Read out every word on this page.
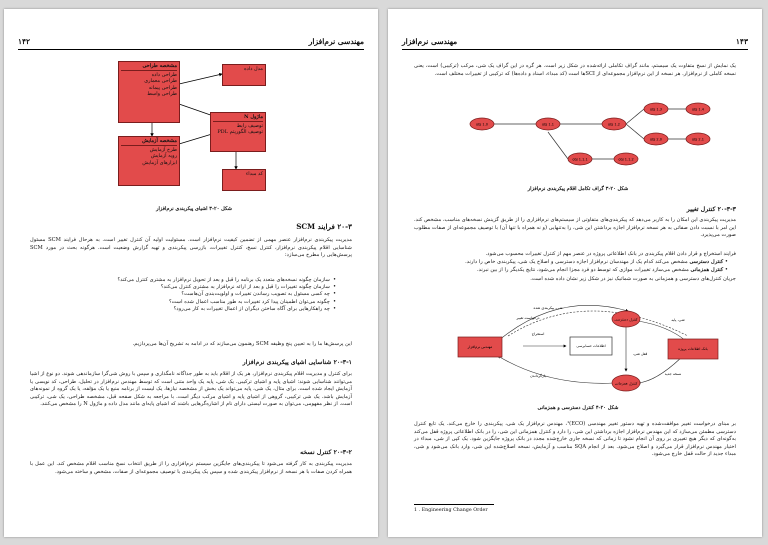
۱۴۲	مهندسی نرم‌افزار
مشخصه طراحی
طراحی داده
طراحی معماری
طراحی پیمانه
طراحی واسط
مشخصه آزمایش
طرح آزمایش
رویه آزمایش
ابزارهای آزمایش
مدل داده
ماژول N
توصیف رابط
توصیف الگوریتم PDL
کد مبداء
شکل ۲۰-۳ اشیای پیکربندی نرم‌افزار
۲۰-۳ فرایند SCM
مدیریت پیکربندی نرم‌افزار عنصر مهمی از تضمین کیفیت نرم‌افزار است. مسئولیت اولیه آن کنترل تغییر است. به هرحال فرایند SCM مسئول شناسایی اقلام پیکربندی نرم‌افزار، کنترل نسخ، کنترل تغییرات، بازرسی پیکربندی و تهیه گزارش وضعیت است. هرگونه بحث در مورد SCM پرسش‌هایی را مطرح می‌سازد:
• سازمان چگونه نسخه‌های متعدد یک برنامه را قبل و بعد از تحویل نرم‌افزار به مشتری کنترل می‌کند؟
• سازمان چگونه تغییرات را قبل و بعد از ارائه نرم‌افزار به مشتری کنترل می‌کند؟
• چه کسی مسئول به تصویب رساندن تغییرات و اولویت‌بندی آن‌هاست؟
• چگونه می‌توان اطمینان پیدا کرد تغییرات به طور مناسب اعمال شده است؟
• چه راهکارهایی برای آگاه ساختن دیگران از اعمال تغییرات به کار می‌رود؟
این پرسش‌ها ما را به تعیین پنج وظیفه SCM رهنمون می‌سازند که در ادامه به تشریح آن‌ها می‌پردازیم.
۲۰-۳-۱ شناسایی اشیای پیکربندی نرم‌افزار
برای کنترل و مدیریت اقلام پیکربندی نرم‌افزار، هر یک از اقلام باید به طور جداگانه نامگذاری و سپس با روش شی‌گرا سازماندهی شوند. دو نوع از اشیا می‌توانند شناسایی شوند: اشیای پایه و اشیای ترکیبی. یک شی، پایه یک واحد متنی است که توسط مهندس نرم‌افزار در تحلیل، طراحی، کد نویسی یا آزمایش ایجاد شده است. برای مثال، یک شی، پایه می‌تواند یک بخش از مشخصه نیازها، یک لیست از برنامه منبع یا یک مؤلفه، یا یک گروه از نمونه‌های آزمایش باشد. یک شی ترکیبی، گروهی از اشیای پایه و اشیای مرکب دیگر است. با مراجعه به شکل صفحه قبل، مشخصه طراحی، یک شی، ترکیبی است. از نظر مفهومی، می‌توان به صورت لیستی دارای نام از اشاره‌گرهایی باشند که اشیای پایه‌ای مانند مدل داده و ماژول N را مشخص می‌کنند.
۲۰-۳-۲ کنترل نسخه
مدیریت پیکربندی به کار گرفته می‌شود تا پیکربندی‌های جایگزین سیستم نرم‌افزاری را از طریق انتخاب نسخ مناسب اقلام مشخص کند. این عمل با همراه کردن صفات با هر نسخه از نرم‌افزار پیکربندی شده و سپس یک پیکربندی با توصیف مجموعه‌ای از صفات، مشخص و ساخته می‌شود.
مهندسی نرم‌افزار	۱۴۳
یک نمایش از نسخ متفاوت یک سیستم، مانند گراف تکاملی ارائه‌شده در شکل زیر است. هر گره در این گراف یک شی، مرکب (ترکیبی) است، یعنی نسخه کاملی از نرم‌افزار. هر نسخه از این نرم‌افزار مجموعه‌ای از SCIها است (کد مبداء، اسناد و داده‌ها) که ترکیبی از تغییرات مختلف است.
obj 1.0	obj 1.1	obj 1.2
obj 1.3	obj 1.4
obj 2.0	obj 2.1
obj 1.1.1	obj 1.1.2
شکل ۲۰-۳ گراف تکامل اقلام پیکربندی نرم‌افزار
۲۰-۳-۳ کنترل تغییر
مدیریت پیکربندی این امکان را به کاربر می‌دهد که پیکربندی‌های متفاوتی از سیستم‌های نرم‌افزاری را از طریق گزینش نسخه‌های مناسب، مشخص کند. این امر با نسبت دادن صفاتی به هر نسخه نرم‌افزار اجازه برداشتن این شی، را به‌تنهایی (و نه همراه با تنها آن) با توصیف مجموعه‌ای از صفات مطلوب صورت می‌پذیرد.
فرایند استخراج و قرار دادن اقلام پیکربندی در بانک اطلاعاتی پروژه در عنصر مهم از کنترل تغییرات محسوب می‌شود.
• کنترل دسترسی مشخص می‌کند کدام یک از مهندسان نرم‌افزار اجازه دسترسی و اصلاح یک شی، پیکربندی خاص را دارند.
• کنترل همزمانی مشخص می‌سازد تغییرات موازی که توسط دو فرد مجزا انجام می‌شود، نتایج یکدیگر را از بین نبرند.
جریان کنترل‌های دسترسی و همزمانی به صورت شماتیک نیز در شکل زیر نشان داده شده است.
مهندس نرم‌افزار	اطلاعات حسابرسی
بانک اطلاعات پروژه
کنترل دسترسی
کنترل همزمانی
شی، پیکربندی شده
شی، پایه
درخواست تغییر
استخراج
قفل شی،
بازگرداندن	نسخه جدید
شکل ۲۰-۴ کنترل دسترسی و همزمانی
بر مبنای درخواست تغییر موافقت‌شده و تهیه دستور تغییر مهندسی (ECO)¹، مهندس نرم‌افزار یک شی، پیکربندی را خارج می‌کند. یک تابع کنترل دسترسی مطمئن می‌سازد که این مهندس نرم‌افزار اجازه برداشتن این شی، را دارد و کنترل همزمانی این شی، را در بانک اطلاعاتی پروژه قفل می‌کند به‌گونه‌ای که دیگر هیچ تغییری بر روی آن انجام نشود تا زمانی که نسخه جاری خارج‌شده مجدد در بانک پروژه جایگزین شود. یک کپی از شی، مبداء در اختیار مهندس نرم‌افزار قرار می‌گیرد و اصلاح می‌شود. بعد از انجام SQA مناسب و آزمایش، نسخه اصلاح‌شده این شی، وارد بانک می‌شود و شی، مبداء جدید از حالت قفل خارج می‌شود.
1 . Engineering Change Order
